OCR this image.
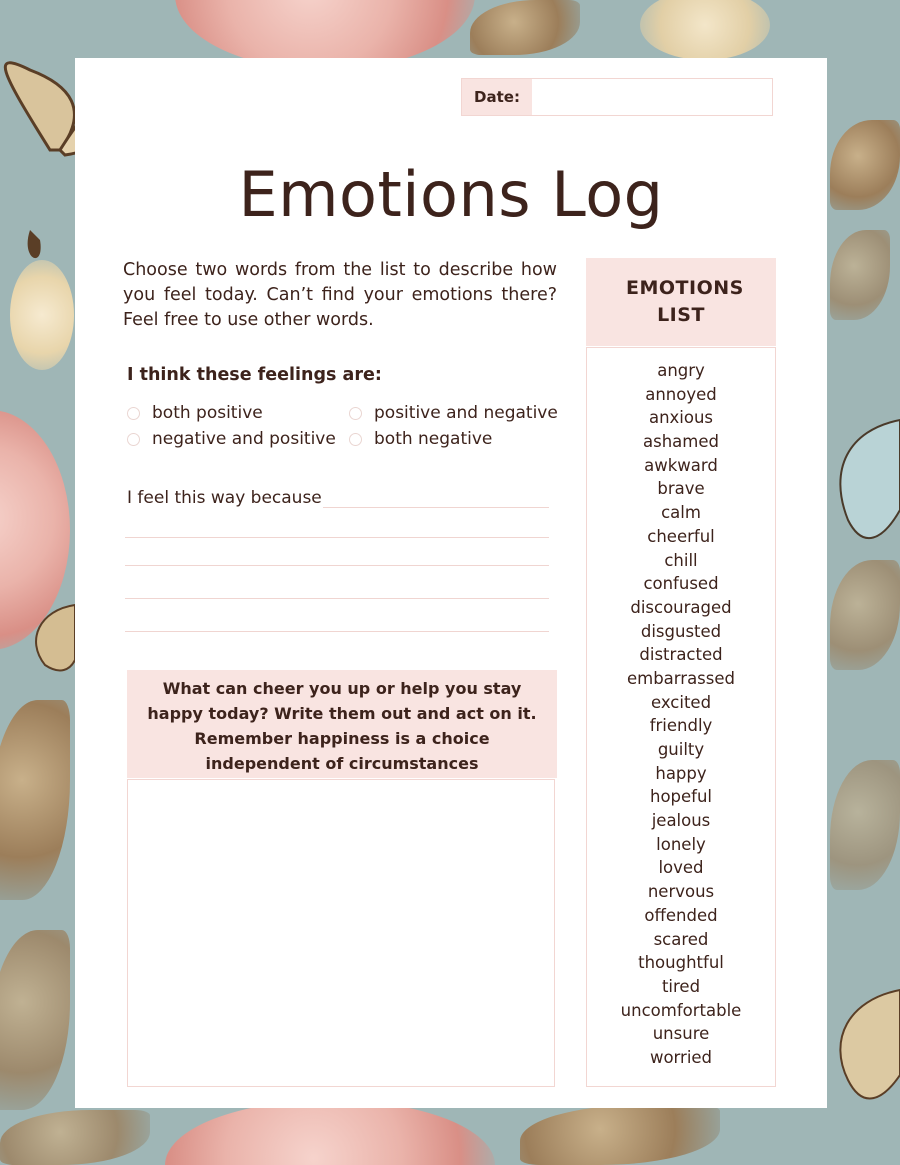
Date:
Emotions Log
Choose two words from the list to describe how you feel today. Can’t find your emotions there? Feel free to use other words.
I think these feelings are:
both positive	positive and negative
negative and positive both negative
I feel this way because
What can cheer you up or help you stay happy today? Write them out and act on it. Remember happiness is a choice independent of circumstances
EMOTIONS LIST
angry
annoyed
anxious
ashamed
awkward
brave
calm
cheerful
chill
confused
discouraged
disgusted
distracted
embarrassed
excited
friendly
guilty
happy
hopeful
jealous
lonely
loved
nervous
offended
scared
thoughtful
tired
uncomfortable
unsure
worried
